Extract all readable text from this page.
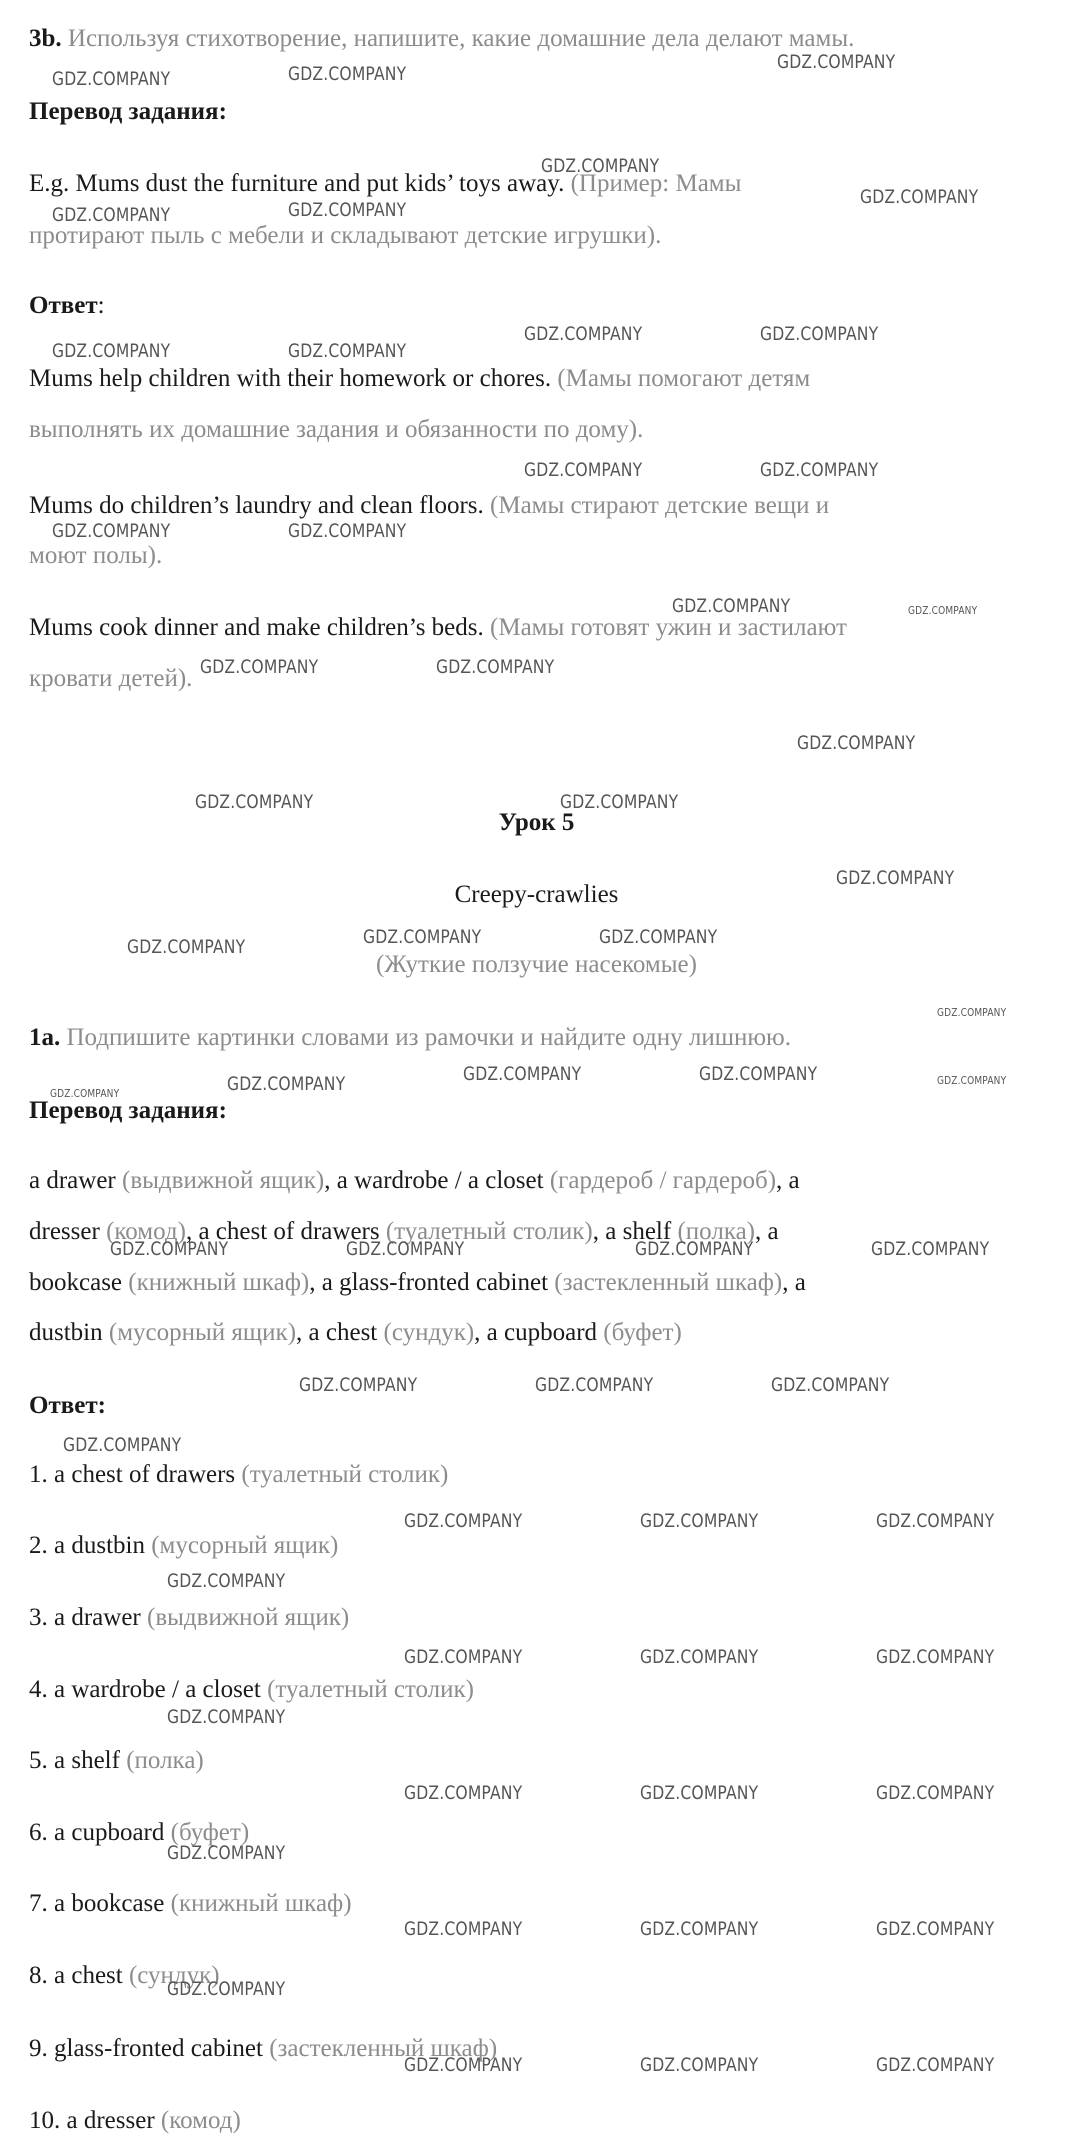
3b. Используя стихотворение, напишите, какие домашние дела делают мамы.
Перевод задания:
E.g. Mums dust the furniture and put kids’ toys away. (Пример: Мамы
протирают пыль с мебели и складывают детские игрушки).
Ответ:
Mums help children with their homework or chores. (Мамы помогают детям
выполнять их домашние задания и обязанности по дому).
Mums do children’s laundry and clean floors. (Мамы стирают детские вещи и
моют полы).
Mums cook dinner and make children’s beds. (Мамы готовят ужин и застилают
кровати детей).
Урок 5
Creepy-crawlies
(Жуткие ползучие насекомые)
1a. Подпишите картинки словами из рамочки и найдите одну лишнюю.
Перевод задания:
a drawer (выдвижной ящик), a wardrobe / a closet (гардероб / гардероб), a
dresser (комод), a chest of drawers (туалетный столик), a shelf (полка), a
bookcase (книжный шкаф), a glass-fronted cabinet (застекленный шкаф), a
dustbin (мусорный ящик), a chest (сундук), a cupboard (буфет)
Ответ:
1. a chest of drawers (туалетный столик)
2. a dustbin (мусорный ящик)
3. a drawer (выдвижной ящик)
4. a wardrobe / a closet (туалетный столик)
5. a shelf (полка)
6. a cupboard (буфет)
7. a bookcase (книжный шкаф)
8. a chest (сундук)
9. glass-fronted cabinet (застекленный шкаф)
10. a dresser (комод)
GDZ.COMPANY	GDZ.COMPANY
GDZ.COMPANY
GDZ.COMPANY
GDZ.COMPANY
GDZ.COMPANY	GDZ.COMPANY
GDZ.COMPANY	GDZ.COMPANY
GDZ.COMPANY	GDZ.COMPANY
GDZ.COMPANY	GDZ.COMPANY
GDZ.COMPANY	GDZ.COMPANY
GDZ.COMPANY	GDZ.COMPANY
GDZ.COMPANY	GDZ.COMPANY
GDZ.COMPANY
GDZ.COMPANY	GDZ.COMPANY
GDZ.COMPANY
GDZ.COMPANY	GDZ.COMPANY	GDZ.COMPANY
GDZ.COMPANY
GDZ.COMPANY	GDZ.COMPANY	GDZ.COMPANY	GDZ.COMPANY	GDZ.COMPANY
GDZ.COMPANY	GDZ.COMPANY	GDZ.COMPANY	GDZ.COMPANY
GDZ.COMPANY	GDZ.COMPANY	GDZ.COMPANY
GDZ.COMPANY
GDZ.COMPANY	GDZ.COMPANY	GDZ.COMPANY
GDZ.COMPANY
GDZ.COMPANY	GDZ.COMPANY	GDZ.COMPANY
GDZ.COMPANY
GDZ.COMPANY	GDZ.COMPANY	GDZ.COMPANY
GDZ.COMPANY
GDZ.COMPANY	GDZ.COMPANY	GDZ.COMPANY
GDZ.COMPANY
GDZ.COMPANY	GDZ.COMPANY	GDZ.COMPANY
